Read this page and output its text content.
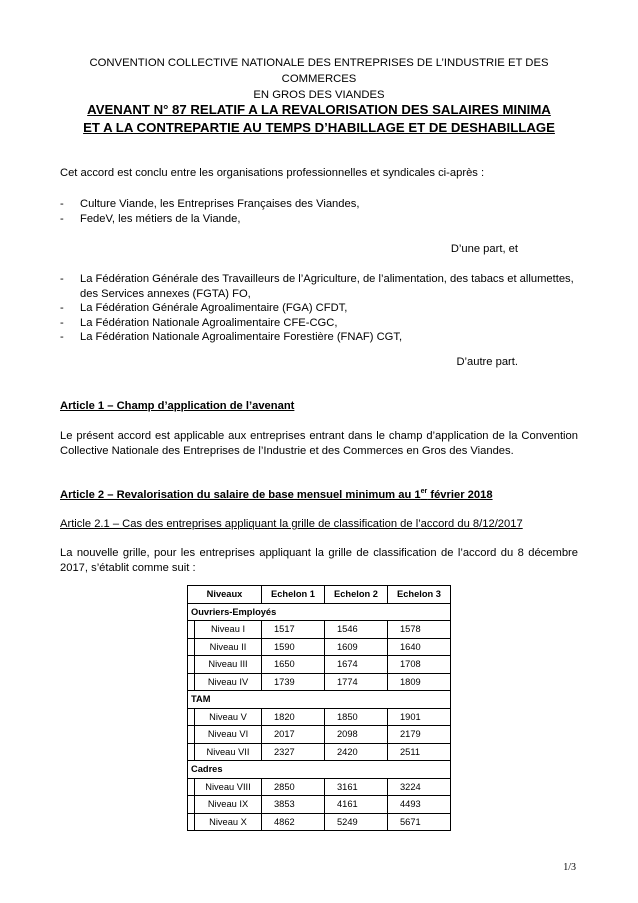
CONVENTION COLLECTIVE NATIONALE DES ENTREPRISES DE L’INDUSTRIE ET DES COMMERCES
EN GROS DES VIANDES
AVENANT N° 87 RELATIF A LA REVALORISATION DES SALAIRES MINIMA
ET A LA CONTREPARTIE AU TEMPS D’HABILLAGE ET DE DESHABILLAGE
Cet accord est conclu entre les organisations professionnelles et syndicales ci-après :
- Culture Viande, les Entreprises Françaises des Viandes,
- FedeV, les métiers de la Viande,
D’une part, et
- La Fédération Générale des Travailleurs de l’Agriculture, de l’alimentation, des tabacs et allumettes, des Services annexes (FGTA) FO,
- La Fédération Générale Agroalimentaire (FGA) CFDT,
- La Fédération Nationale Agroalimentaire CFE-CGC,
- La Fédération Nationale Agroalimentaire Forestière (FNAF) CGT,
D’autre part.
Article 1 – Champ d’application de l’avenant
Le présent accord est applicable aux entreprises entrant dans le champ d’application de la Convention Collective Nationale des Entreprises de l’Industrie et des Commerces en Gros des Viandes.
Article 2 – Revalorisation du salaire de base mensuel minimum au 1er février 2018
Article 2.1 – Cas des entreprises appliquant la grille de classification de l’accord du 8/12/2017
La nouvelle grille, pour les entreprises appliquant la grille de classification de l’accord du 8 décembre 2017, s’établit comme suit :
Niveaux		Echelon 1	Echelon 2	Echelon 3
Ouvriers-Employés				
	Niveau I	1517	1546	1578
	Niveau II	1590	1609	1640
	Niveau III	1650	1674	1708
	Niveau IV	1739	1774	1809
TAM				
	Niveau V	1820	1850	1901
	Niveau VI	2017	2098	2179
	Niveau VII	2327	2420	2511
Cadres				
	Niveau VIII	2850	3161	3224
	Niveau IX	3853	4161	4493
	Niveau X	4862	5249	5671
1/3
